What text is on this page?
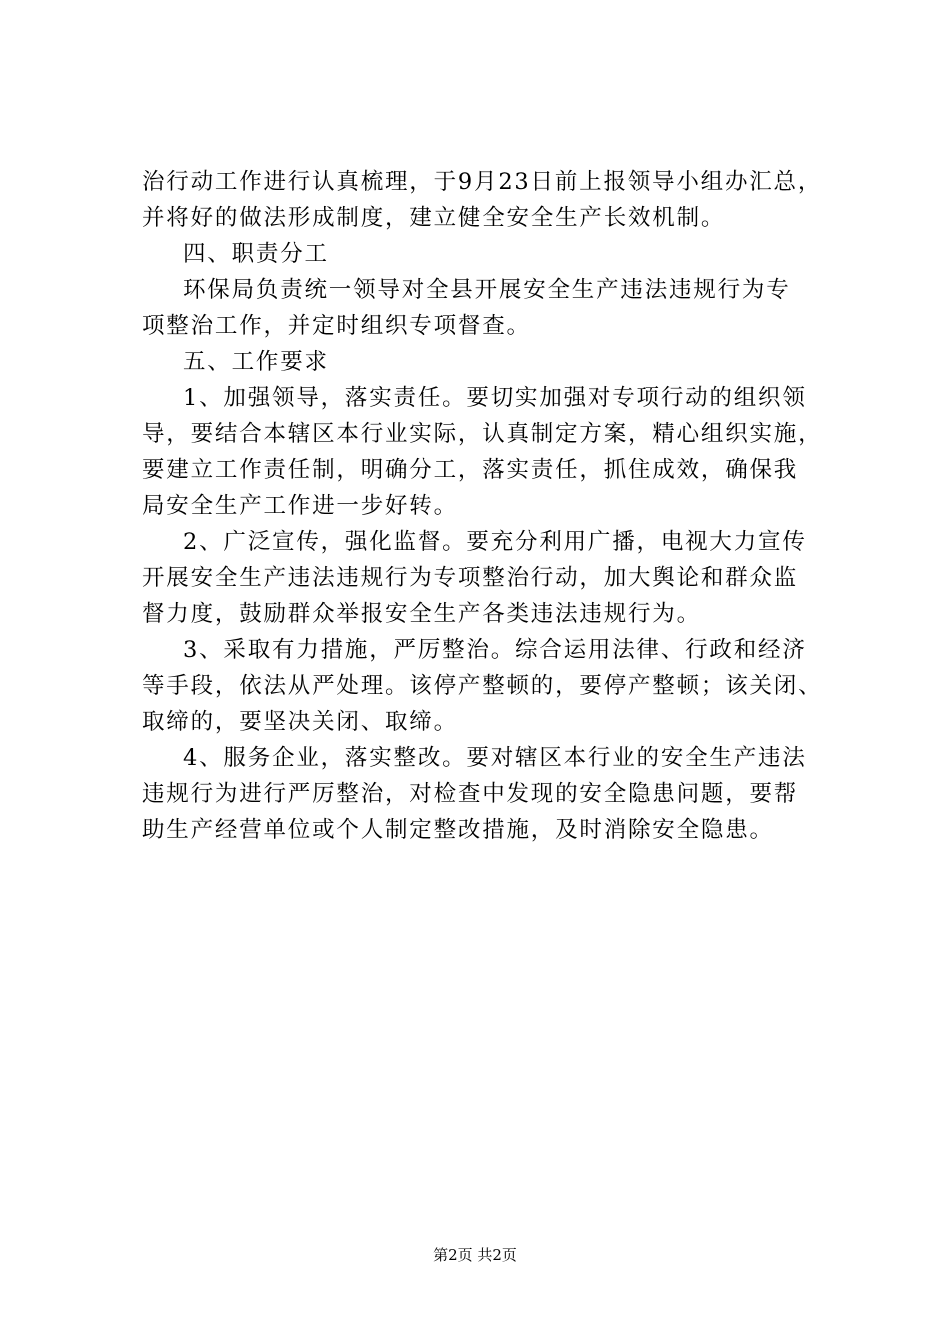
治行动工作进行认真梳理，于9月23日前上报领导小组办汇总，
并将好的做法形成制度，建立健全安全生产长效机制。
四、职责分工
环保局负责统一领导对全县开展安全生产违法违规行为专
项整治工作，并定时组织专项督查。
五、工作要求
1、加强领导，落实责任。要切实加强对专项行动的组织领
导，要结合本辖区本行业实际，认真制定方案，精心组织实施，
要建立工作责任制，明确分工，落实责任，抓住成效，确保我
局安全生产工作进一步好转。
2、广泛宣传，强化监督。要充分利用广播，电视大力宣传
开展安全生产违法违规行为专项整治行动，加大舆论和群众监
督力度，鼓励群众举报安全生产各类违法违规行为。
3、采取有力措施，严厉整治。综合运用法律、行政和经济
等手段，依法从严处理。该停产整顿的，要停产整顿；该关闭、
取缔的，要坚决关闭、取缔。
4、服务企业，落实整改。要对辖区本行业的安全生产违法
违规行为进行严厉整治，对检查中发现的安全隐患问题，要帮
助生产经营单位或个人制定整改措施，及时消除安全隐患。
第2页 共2页
